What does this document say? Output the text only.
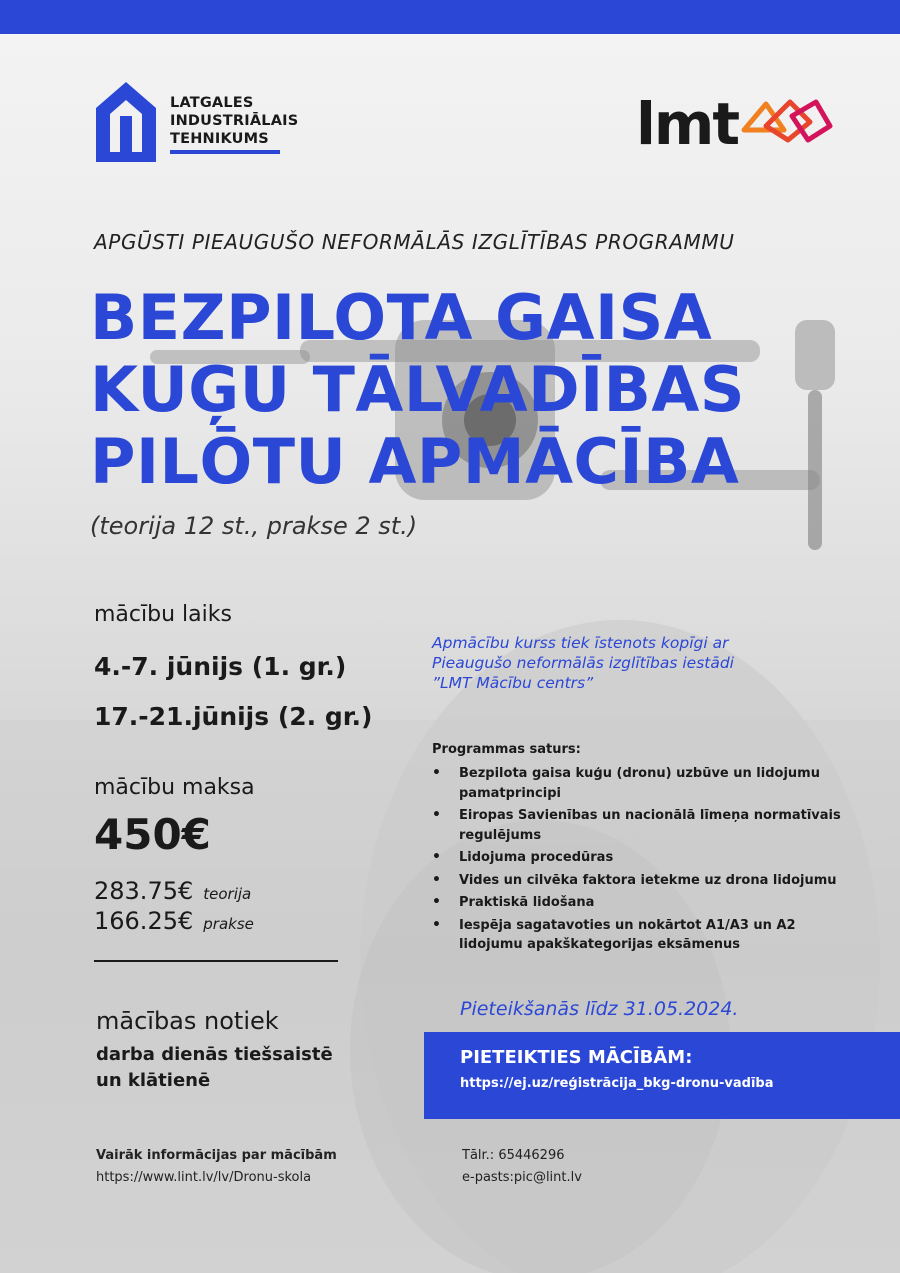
LATGALES
INDUSTRIĀLAIS
TEHNIKUMS	lmt
APGŪSTI PIEAUGUŠO NEFORMĀLĀS IZGLĪTĪBAS PROGRAMMU
BEZPILOTA GAISA
KUĢU TĀLVADĪBAS
PILŌTU APMĀCĪBA
(teorija 12 st., prakse 2 st.)
mācību laiks
4.-7. jūnijs (1. gr.)
17.-21.jūnijs (2. gr.)
mācību maksa
450€
283.75€ teorija
166.25€ prakse
Apmācību kurss tiek īstenots kopīgi ar
Pieaugušo neformālās izglītības iestādi
”LMT Mācību centrs”
Programmas saturs:
• Bezpilota gaisa kuģu (dronu) uzbūve un lidojumu pamatprincipi
• Eiropas Savienības un nacionālā līmeņa normatīvais regulējums
• Lidojuma procedūras
• Vides un cilvēka faktora ietekme uz drona lidojumu
• Praktiskā lidošana
• Iespēja sagatavoties un nokārtot A1/A3 un A2 lidojumu apakškategorijas eksāmenus
Pieteikšanās līdz 31.05.2024.
PIETEIKTIES MĀCĪBĀM:
https://ej.uz/reģistrācija_bkg-dronu-vadība
mācības notiek
darba dienās tiešsaistē
un klātienē
Vairāk informācijas par mācībām
https://www.lint.lv/lv/Dronu-skola
Tālr.: 65446296
e-pasts:pic@lint.lv
